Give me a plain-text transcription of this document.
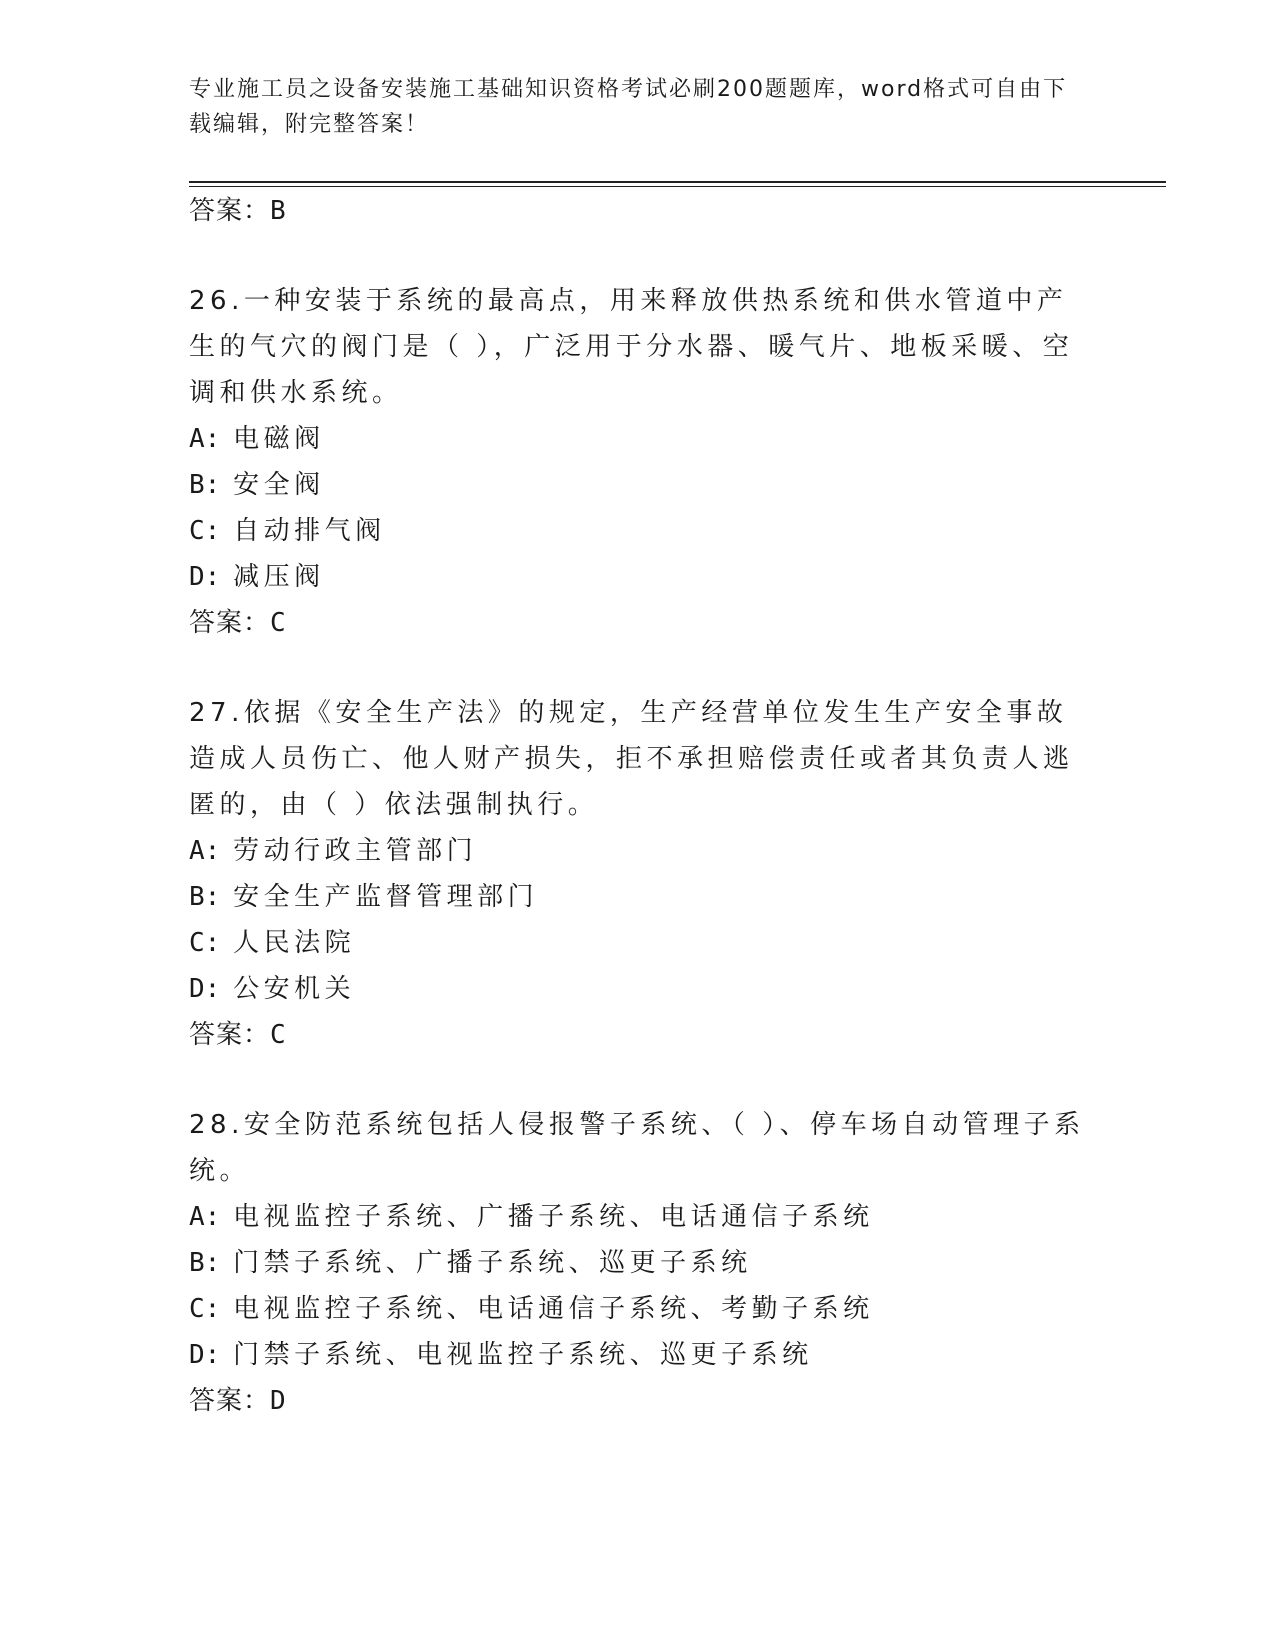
专业施工员之设备安装施工基础知识资格考试必刷200题题库，word格式可自由下载编辑，附完整答案！
答案：B
26.一种安装于系统的最高点，用来释放供热系统和供水管道中产生的气穴的阀门是（ ），广泛用于分水器、暖气片、地板采暖、空调和供水系统。
A: 电磁阀
B: 安全阀
C: 自动排气阀
D: 减压阀
答案：C
27.依据《安全生产法》的规定，生产经营单位发生生产安全事故造成人员伤亡、他人财产损失，拒不承担赔偿责任或者其负责人逃匿的，由（ ）依法强制执行。
A: 劳动行政主管部门
B: 安全生产监督管理部门
C: 人民法院
D: 公安机关
答案：C
28.安全防范系统包括人侵报警子系统、（ ）、停车场自动管理子系统。
A: 电视监控子系统、广播子系统、电话通信子系统
B: 门禁子系统、广播子系统、巡更子系统
C: 电视监控子系统、电话通信子系统、考勤子系统
D: 门禁子系统、电视监控子系统、巡更子系统
答案：D
